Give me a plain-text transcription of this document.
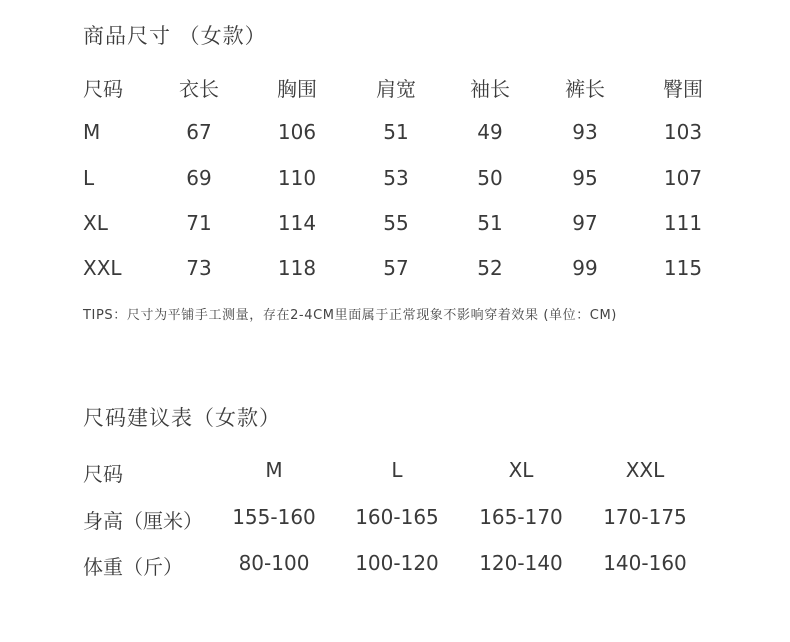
商品尺寸 （女款）
尺码	衣长	胸围	肩宽	袖长	裤长	臀围
M	67	106	51	49	93	103
L	69	110	53	50	95	107
XL	71	114	55	51	97	111
XXL	73	118	57	52	99	115
TIPS：尺寸为平铺手工测量，存在2-4CM里面属于正常现象不影响穿着效果 (单位：CM)
尺码建议表（女款）
尺码	M	L	XL	XXL
身高（厘米） 155-160 160-165 165-170 170-175
体重（斤）	80-100 100-120 120-140 140-160
